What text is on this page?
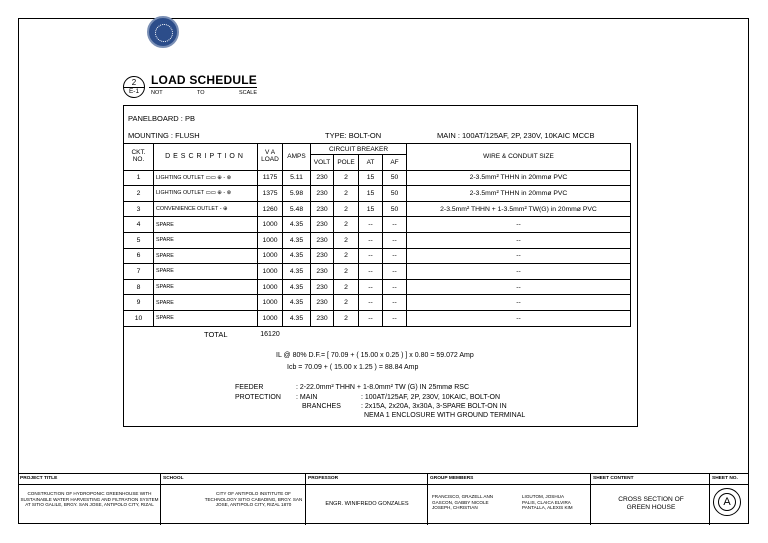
2
E-1
LOAD SCHEDULE
NOT	TO	SCALE
PANELBOARD : PB
MOUNTING : FLUSH	TYPE: BOLT-ON	MAIN : 100AT/125AF, 2P, 230V, 10KAIC MCCB
CKT. NO.	DESCRIPTION	V A LOAD	AMPS	CIRCUIT BREAKER				WIRE & CONDUIT SIZE
				VOLT	POLE	AT	AF	
1	LIGHTING OUTLET ▭▭ ⊕ - ⊗	1175	5.11	230	2	15	50	2-3.5mm² THHN in 20mmø PVC
2	LIGHTING OUTLET ▭▭ ⊕ - ⊗	1375	5.98	230	2	15	50	2-3.5mm² THHN in 20mmø PVC
3	CONVENIENCE OUTLET - ⊕	1260	5.48	230	2	15	50	2-3.5mm² THHN + 1-3.5mm² TW(G) in 20mmø PVC
4	SPARE	1000	4.35	230	2	--	--	--
5	SPARE	1000	4.35	230	2	--	--	--
6	SPARE	1000	4.35	230	2	--	--	--
7	SPARE	1000	4.35	230	2	--	--	--
8	SPARE	1000	4.35	230	2	--	--	--
9	SPARE	1000	4.35	230	2	--	--	--
10	SPARE	1000	4.35	230	2	--	--	--
TOTAL		16120						
IL @ 80% D.F.= [ 70.09 + ( 15.00 x 0.25 ) ] x 0.80 = 59.072 Amp
Icb = 70.09 + ( 15.00 x 1.25 ) = 88.84 Amp
FEEDER	: 2-22.0mm² THHN + 1-8.0mm² TW (G) IN 25mmø RSC
PROTECTION : MAIN	: 100AT/125AF, 2P, 230V, 10KAIC, BOLT-ON
BRANCHES	: 2x15A, 2x20A, 3x30A, 3-SPARE BOLT-ON IN
NEMA 1 ENCLOSURE WITH GROUND TERMINAL
PROJECT TITLE
CONSTRUCTION OF HYDROPONIC GREENHOUSE WITH SUSTAINABLE WATER HARVESTING AND FILTRATION SYSTEM AT SITIO GALILE, BRGY. SAN JOSE, ANTIPOLO CITY, RIZAL
SCHOOL
CITY OF ANTIPOLO INSTITUTE OF TECHNOLOGY SITIO CABADING, BRGY. SAN JOSE, ANTIPOLO CITY, RIZAL 1870
PROFESSOR
ENGR. WINIFREDO GONZALES
GROUP MEMBERS
FRANCISCO, GRAZELL ANN
GASCON, GABBY NICOLE
JOSEPH, CHRISTIAN
LIGUTOM, JOSHUA
PALIS, CLAICA ELVIRA
PANTALLA, ALEXIS KIM
SHEET CONTENT
CROSS SECTION OF GREEN HOUSE
SHEET NO.
A
